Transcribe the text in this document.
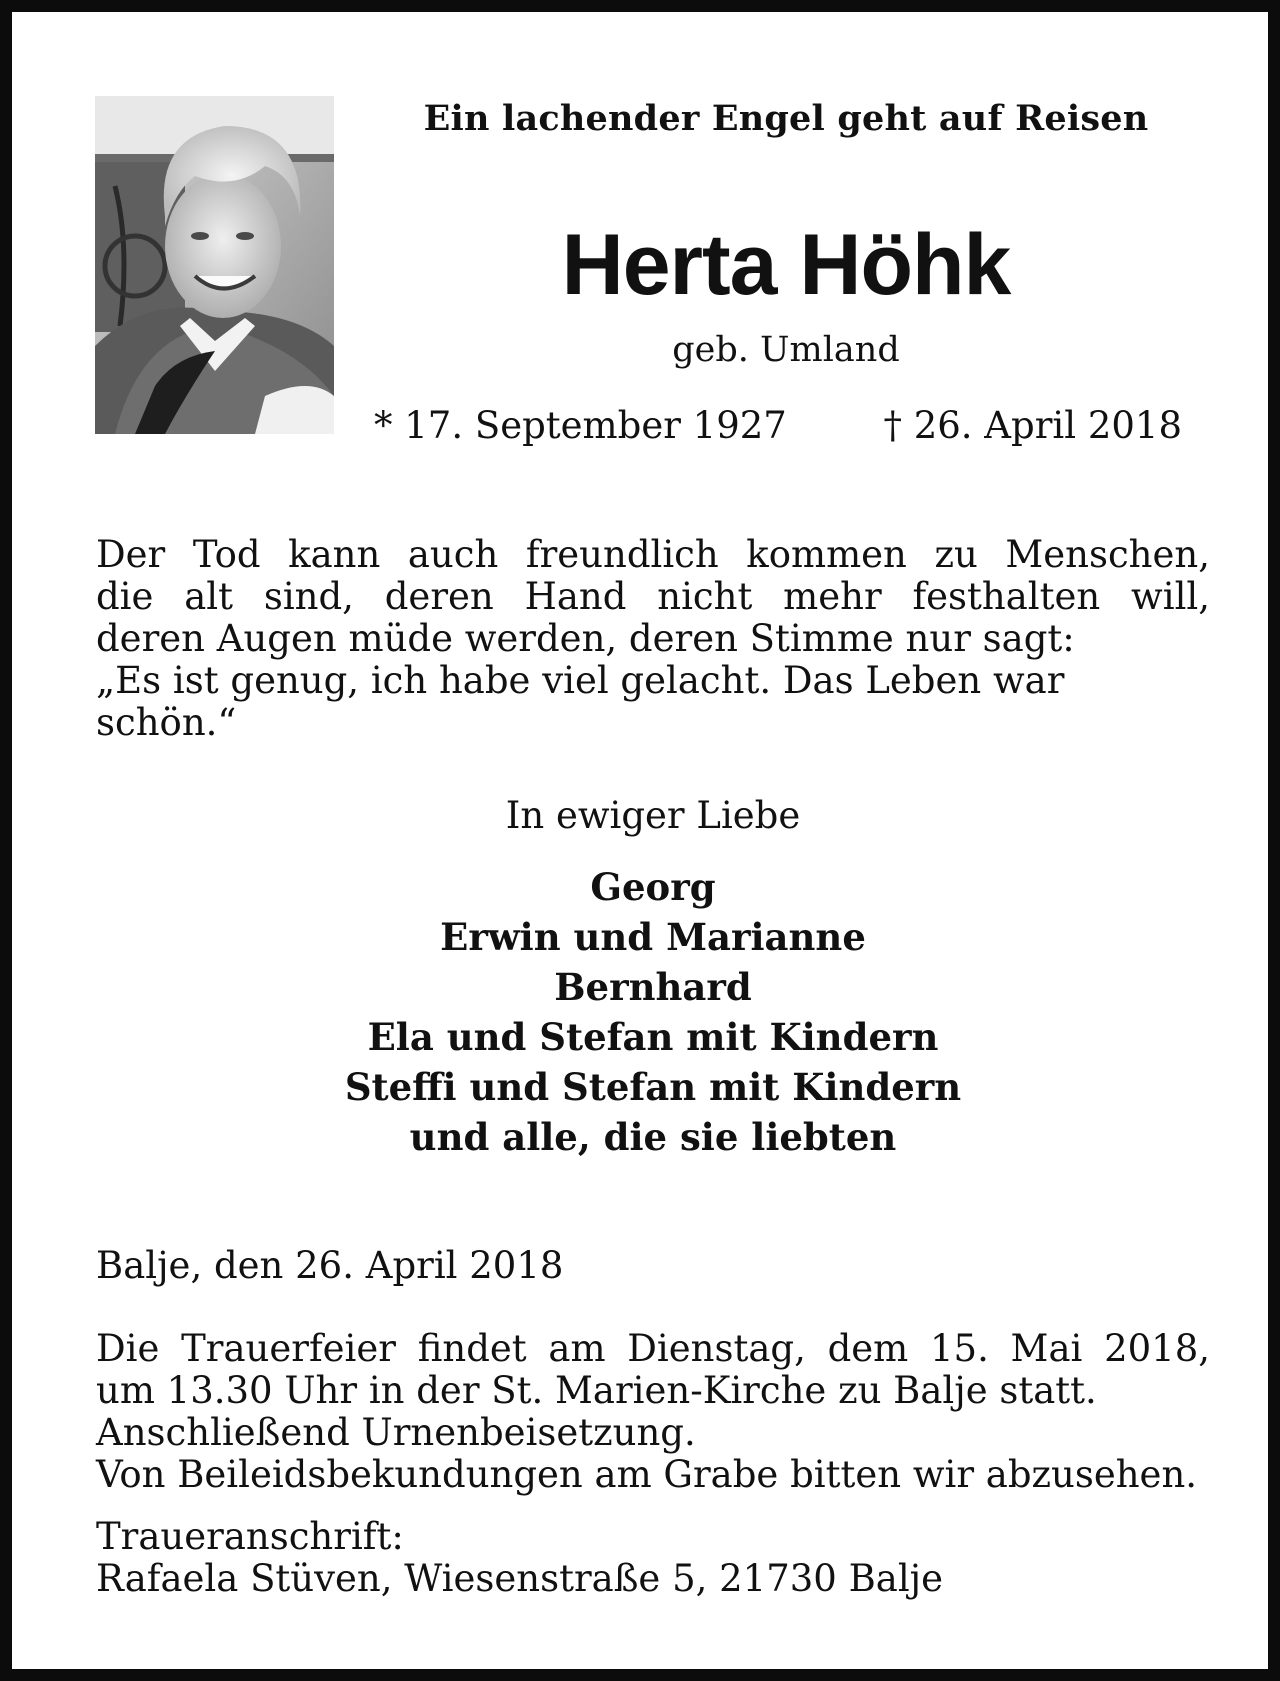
Ein lachender Engel geht auf Reisen
Herta Höhk
geb. Umland
* 17. September 1927	† 26. April 2018
Der Tod kann auch freundlich kommen zu Menschen,
die alt sind, deren Hand nicht mehr festhalten will,
deren Augen müde werden, deren Stimme nur sagt:
„Es ist genug, ich habe viel gelacht. Das Leben war schön.“
In ewiger Liebe
Georg
Erwin und Marianne
Bernhard
Ela und Stefan mit Kindern
Steffi und Stefan mit Kindern
und alle, die sie liebten
Balje, den 26. April 2018
Die Trauerfeier findet am Dienstag, dem 15. Mai 2018,
um 13.30 Uhr in der St. Marien-Kirche zu Balje statt.
Anschließend Urnenbeisetzung.
Von Beileidsbekundungen am Grabe bitten wir abzusehen.
Traueranschrift:
Rafaela Stüven, Wiesenstraße 5, 21730 Balje
